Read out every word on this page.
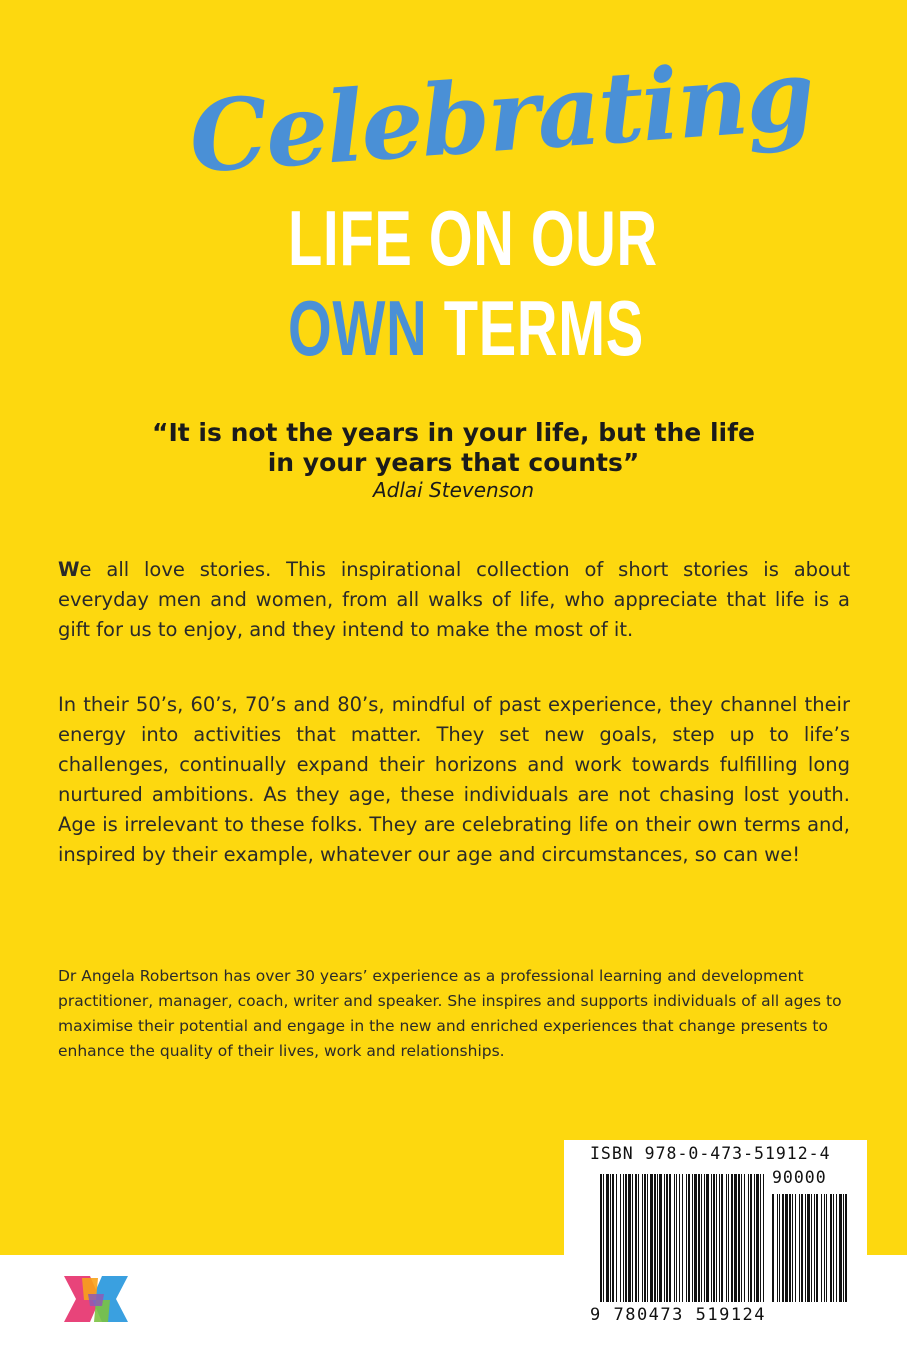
Celebrating
LIFE ON OUR
OWN TERMS
“It is not the years in your life, but the life
in your years that counts”
Adlai Stevenson

We all love stories. This inspirational collection of short stories is about everyday men and women, from all walks of life, who appreciate that life is a gift for us to enjoy, and they intend to make the most of it.

In their 50’s, 60’s, 70’s and 80’s, mindful of past experience, they channel their energy into activities that matter. They set new goals, step up to life’s challenges, continually expand their horizons and work towards fulfilling long nurtured ambitions. As they age, these individuals are not chasing lost youth. Age is irrelevant to these folks. They are celebrating life on their own terms and, inspired by their example, whatever our age and circumstances, so can we!

Dr Angela Robertson has over 30 years’ experience as a professional learning and development practitioner, manager, coach, writer and speaker. She inspires and supports individuals of all ages to maximise their potential and engage in the new and enriched experiences that change presents to enhance the quality of their lives, work and relationships.

ISBN 978-0-473-51912-4
90000
9 780473 519124
